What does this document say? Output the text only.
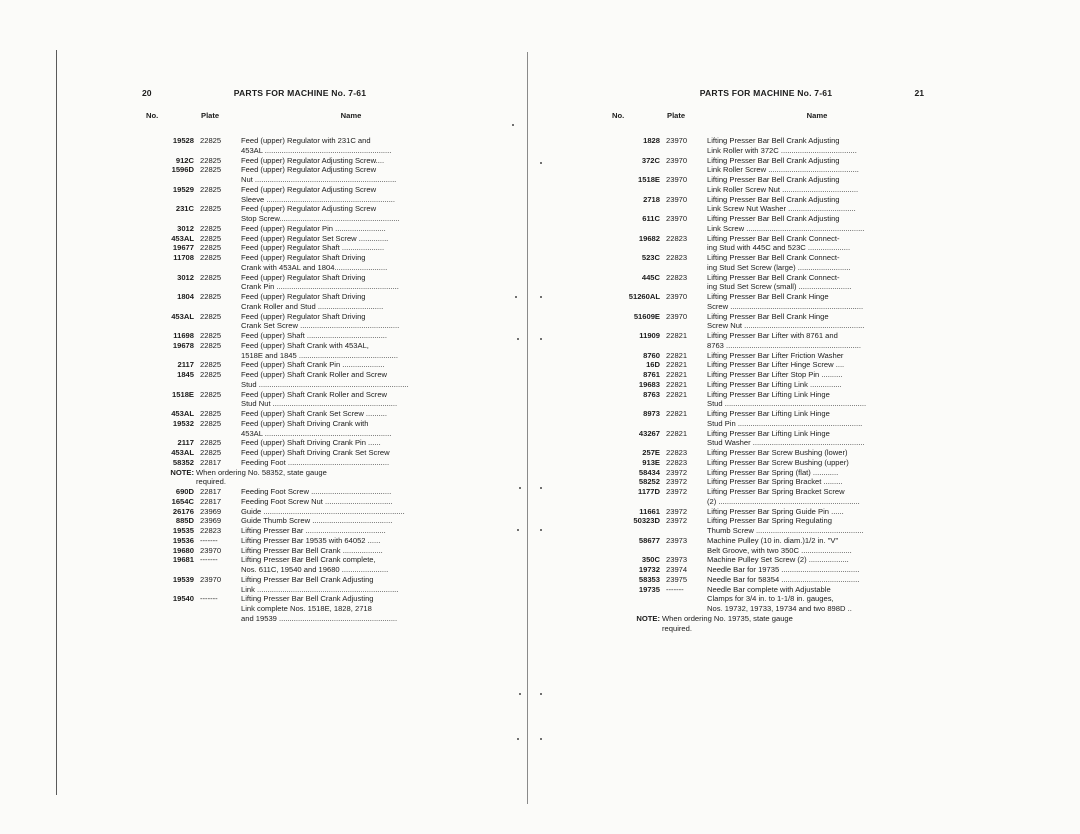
20	PARTS FOR MACHINE No. 7-61
No.	Plate	Name
19528 22825	Feed (upper) Regulator with 231C and
453AL ............................................................
912C 22825	Feed (upper) Regulator Adjusting Screw....
1596D 22825	Feed (upper) Regulator Adjusting Screw
Nut ...................................................................
19529 22825	Feed (upper) Regulator Adjusting Screw
Sleeve .............................................................
231C 22825	Feed (upper) Regulator Adjusting Screw
Stop Screw.........................................................
3012 22825	Feed (upper) Regulator Pin ........................
453AL 22825	Feed (upper) Regulator Set Screw ..............
19677 22825	Feed (upper) Regulator Shaft ....................
11708 22825	Feed (upper) Regulator Shaft Driving
Crank with 453AL and 1804.........................
3012 22825	Feed (upper) Regulator Shaft Driving
Crank Pin ..........................................................
1804 22825	Feed (upper) Regulator Shaft Driving
Crank Roller and Stud ...............................
453AL 22825	Feed (upper) Regulator Shaft Driving
Crank Set Screw ...............................................
11698 22825	Feed (upper) Shaft ......................................
19678 22825	Feed (upper) Shaft Crank with 453AL,
1518E and 1845 ...............................................
2117 22825	Feed (upper) Shaft Crank Pin ....................
1845 22825	Feed (upper) Shaft Crank Roller and Screw
Stud .......................................................................
1518E 22825	Feed (upper) Shaft Crank Roller and Screw
Stud Nut ...........................................................
453AL 22825	Feed (upper) Shaft Crank Set Screw ..........
19532 22825	Feed (upper) Shaft Driving Crank with
453AL ............................................................
2117 22825	Feed (upper) Shaft Driving Crank Pin ......
453AL 22825	Feed (upper) Shaft Driving Crank Set Screw
58352 22817	Feeding Foot ................................................
NOTE: When ordering No. 58352, state gauge
required.
690D 22817	Feeding Foot Screw ......................................
1654C 22817	Feeding Foot Screw Nut ................................
26176 23969	Guide ...................................................................
885D 23969	Guide Thumb Screw ......................................
19535 22823	Lifting Presser Bar ......................................
19536 -------	Lifting Presser Bar 19535 with 64052 ......
19680 23970	Lifting Presser Bar Bell Crank ...................
19681 -------	Lifting Presser Bar Bell Crank complete,
Nos. 611C, 19540 and 19680 ......................
19539 23970	Lifting Presser Bar Bell Crank Adjusting
Link ...................................................................
19540 -------	Lifting Presser Bar Bell Crank Adjusting
Link complete Nos. 1518E, 1828, 2718
and 19539 ........................................................
PARTS FOR MACHINE No. 7-61	21
No.	Plate	Name
1828 23970	Lifting Presser Bar Bell Crank Adjusting
Link Roller with 372C ....................................
372C 23970	Lifting Presser Bar Bell Crank Adjusting
Link Roller Screw ...........................................
1518E 23970	Lifting Presser Bar Bell Crank Adjusting
Link Roller Screw Nut ....................................
2718 23970	Lifting Presser Bar Bell Crank Adjusting
Link Screw Nut Washer ................................
611C 23970	Lifting Presser Bar Bell Crank Adjusting
Link Screw ........................................................
19682 22823	Lifting Presser Bar Bell Crank Connect-
ing Stud with 445C and 523C ....................
523C 22823	Lifting Presser Bar Bell Crank Connect-
ing Stud Set Screw (large) .........................
445C 22823	Lifting Presser Bar Bell Crank Connect-
ing Stud Set Screw (small) .........................
51260AL 23970	Lifting Presser Bar Bell Crank Hinge
Screw ...............................................................
51609E 23970	Lifting Presser Bar Bell Crank Hinge
Screw Nut .........................................................
11909 22821	Lifting Presser Bar Lifter with 8761 and
8763 ................................................................
8760 22821	Lifting Presser Bar Lifter Friction Washer
16D 22821	Lifting Presser Bar Lifter Hinge Screw ....
8761 22821	Lifting Presser Bar Lifter Stop Pin ..........
19683 22821	Lifting Presser Bar Lifting Link ...............
8763 22821	Lifting Presser Bar Lifting Link Hinge
Stud ...................................................................
8973 22821	Lifting Presser Bar Lifting Link Hinge
Stud Pin ...........................................................
43267 22821	Lifting Presser Bar Lifting Link Hinge
Stud Washer .....................................................
257E 22823	Lifting Presser Bar Screw Bushing (lower)
913E 22823	Lifting Presser Bar Screw Bushing (upper)
58434 23972	Lifting Presser Bar Spring (flat) ............
58252 23972	Lifting Presser Bar Spring Bracket .........
1177D 23972	Lifting Presser Bar Spring Bracket Screw
(2) ...................................................................
11661 23972	Lifting Presser Bar Spring Guide Pin ......
50323D 23972	Lifting Presser Bar Spring Regulating
Thumb Screw ...................................................
58677 23973	Machine Pulley (10 in. diam.)1/2 in. "V"
Belt Groove, with two 350C ........................
350C 23973	Machine Pulley Set Screw (2) ...................
19732 23974	Needle Bar for 19735 .....................................
58353 23975	Needle Bar for 58354 .....................................
19735 -------	Needle Bar complete with Adjustable
Clamps for 3/4 in. to 1-1/8 in. gauges,
Nos. 19732, 19733, 19734 and two 898D ..
NOTE: When ordering No. 19735, state gauge
required.
